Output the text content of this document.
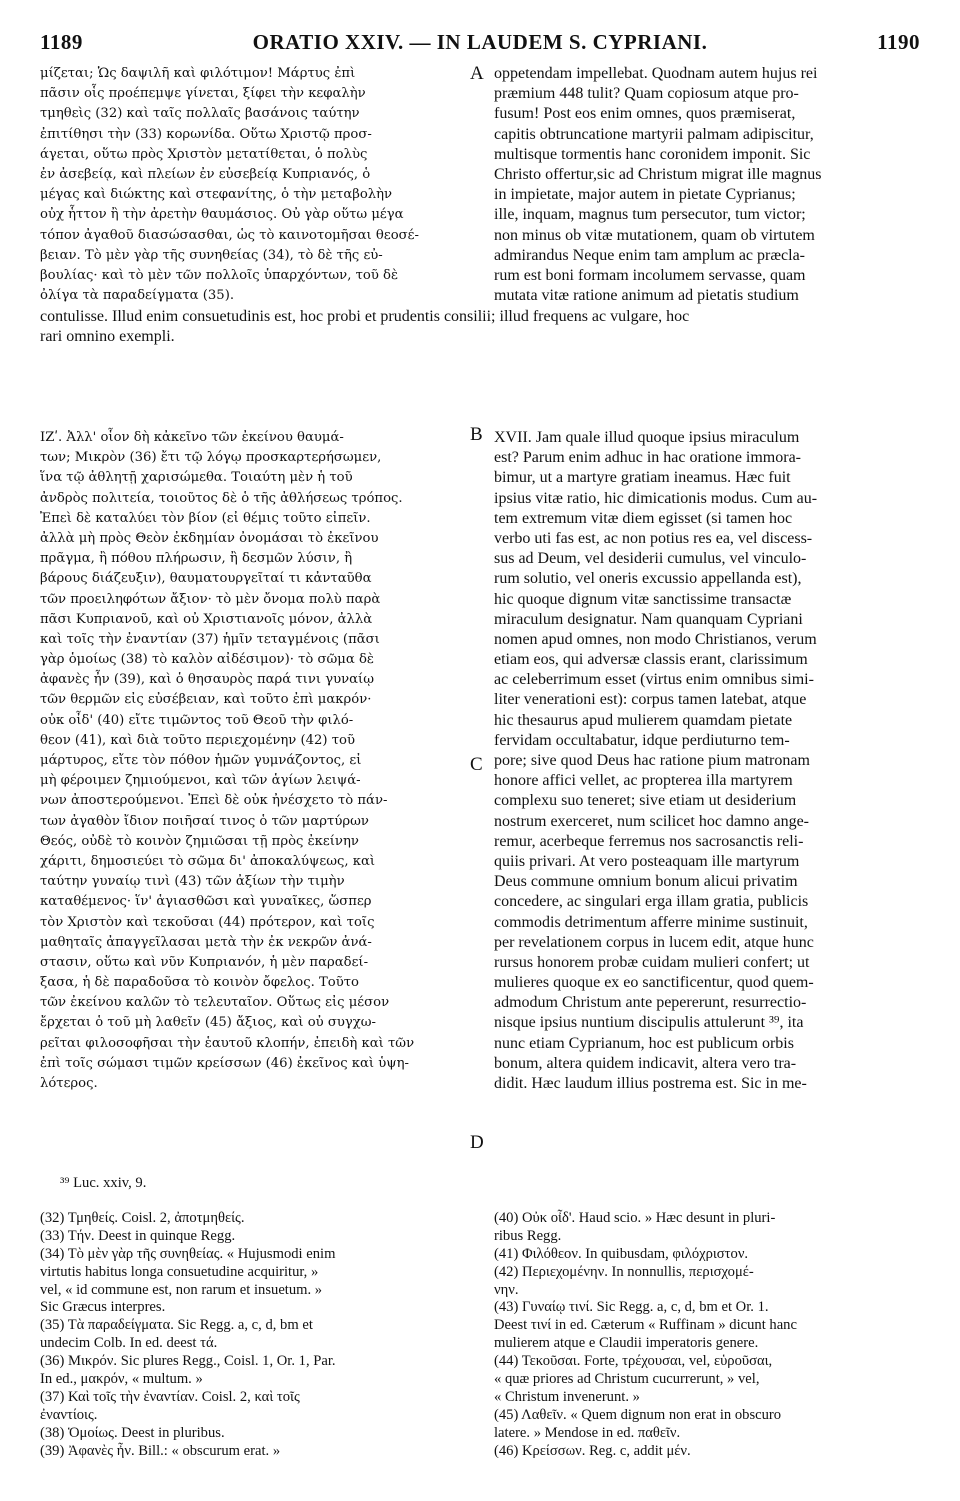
1189	ORATIO XXIV. — IN LAUDEM S. CYPRIANI.	1190
A
B
C
D
μίζεται; Ὡς δαψιλῆ καὶ φιλότιμον! Μάρτυς ἐπὶ
πᾶσιν οἷς προέπεμψε γίνεται, ξίφει τὴν κεφαλὴν
τμηθεὶς (32) καὶ ταῖς πολλαῖς βασάνοις ταύτην
ἐπιτίθησι τὴν (33) κορωνίδα. Οὕτω Χριστῷ προσ-
άγεται, οὕτω πρὸς Χριστὸν μετατίθεται, ὁ πολὺς
ἐν ἀσεβείᾳ, καὶ πλείων ἐν εὐσεβείᾳ Κυπριανός, ὁ
μέγας καὶ διώκτης καὶ στεφανίτης, ὁ τὴν μεταβολὴν
οὐχ ἧττον ἢ τὴν ἀρετὴν θαυμάσιος. Οὐ γὰρ οὕτω μέγα
τόπον ἀγαθοῦ διασώσασθαι, ὡς τὸ καινοτομῆσαι θεοσέ-
βειαν. Τὸ μὲν γὰρ τῆς συνηθείας (34), τὸ δὲ τῆς εὐ-
βουλίας· καὶ τὸ μὲν τῶν πολλοῖς ὑπαρχόντων, τοῦ δὲ
ὀλίγα τὰ παραδείγματα (35).
oppetendam impellebat. Quodnam autem hujus rei
præmium 448 tulit? Quam copiosum atque pro-
fusum! Post eos enim omnes, quos præmiserat,
capitis obtruncatione martyrii palmam adipiscitur,
multisque tormentis hanc coronidem imponit. Sic
Christo offertur,sic ad Christum migrat ille magnus
in impietate, major autem in pietate Cyprianus;
ille, inquam, magnus tum persecutor, tum victor;
non minus ob vitæ mutationem, quam ob virtutem
admirandus Neque enim tam amplum ac præcla-
rum est boni formam incolumem servasse, quam
mutata vitæ ratione animum ad pietatis studium
contulisse. Illud enim consuetudinis est, hoc probi et prudentis consilii; illud frequens ac vulgare, hoc
rari omnino exempli.
ΙΖʹ. Ἀλλ' οἷον δὴ κἀκεῖνο τῶν ἐκείνου θαυμά-
των; Μικρὸν (36) ἔτι τῷ λόγῳ προσκαρτερήσωμεν,
ἵνα τῷ ἀθλητῇ χαρισώμεθα. Τοιαύτη μὲν ἡ τοῦ
ἀνδρὸς πολιτεία, τοιοῦτος δὲ ὁ τῆς ἀθλήσεως τρόπος.
Ἐπεὶ δὲ καταλύει τὸν βίον (εἰ θέμις τοῦτο εἰπεῖν.
ἀλλὰ μὴ πρὸς Θεὸν ἐκδημίαν ὀνομάσαι τὸ ἐκεῖνου
πρᾶγμα, ἢ πόθου πλήρωσιν, ἢ δεσμῶν λύσιν, ἢ
βάρους διάζευξιν), θαυματουργεῖταί τι κἀνταῦθα
τῶν προειληφότων ἄξιον· τὸ μὲν ὄνομα πολὺ παρὰ
πᾶσι Κυπριανοῦ, καὶ οὐ Χριστιανοῖς μόνον, ἀλλὰ
καὶ τοῖς τὴν ἐναντίαν (37) ἡμῖν τεταγμένοις (πᾶσι
γὰρ ὁμοίως (38) τὸ καλὸν αἰδέσιμον)· τὸ σῶμα δὲ
ἀφανὲς ἦν (39), καὶ ὁ θησαυρὸς παρά τινι γυναίῳ
τῶν θερμῶν εἰς εὐσέβειαν, καὶ τοῦτο ἐπὶ μακρόν·
οὐκ οἶδ' (40) εἴτε τιμῶντος τοῦ Θεοῦ τὴν φιλό-
θεον (41), καὶ διὰ τοῦτο περιεχομένην (42) τοῦ
μάρτυρος, εἴτε τὸν πόθον ἡμῶν γυμνάζοντος, εἰ
μὴ φέροιμεν ζημιούμενοι, καὶ τῶν ἁγίων λειψά-
νων ἀποστερούμενοι. Ἐπεὶ δὲ οὐκ ἠνέσχετο τὸ πάν-
των ἀγαθὸν ἴδιον ποιῆσαί τινος ὁ τῶν μαρτύρων
Θεός, οὐδὲ τὸ κοινὸν ζημιῶσαι τῇ πρὸς ἐκείνην
χάριτι, δημοσιεύει τὸ σῶμα δι' ἀποκαλύψεως, καὶ
ταύτην γυναίῳ τινὶ (43) τῶν ἀξίων τὴν τιμὴν
καταθέμενος· ἵν' ἁγιασθῶσι καὶ γυναῖκες, ὥσπερ
τὸν Χριστὸν καὶ τεκοῦσαι (44) πρότερον, καὶ τοῖς
μαθηταῖς ἀπαγγεῖλασαι μετὰ τὴν ἐκ νεκρῶν ἀνά-
στασιν, οὕτω καὶ νῦν Κυπριανόν, ἡ μὲν παραδεί-
ξασα, ἡ δὲ παραδοῦσα τὸ κοινὸν ὄφελος. Τοῦτο
τῶν ἐκείνου καλῶν τὸ τελευταῖον. Οὕτως εἰς μέσον
ἔρχεται ὁ τοῦ μὴ λαθεῖν (45) ἄξιος, καὶ οὐ συγχω-
ρεῖται φιλοσοφῆσαι τὴν ἑαυτοῦ κλοπήν, ἐπειδὴ καὶ τῶν
ἐπὶ τοῖς σώμασι τιμῶν κρείσσων (46) ἐκεῖνος καὶ ὑψη-
λότερος.
XVII. Jam quale illud quoque ipsius miraculum
est? Parum enim adhuc in hac oratione immora-
bimur, ut a martyre gratiam ineamus. Hæc fuit
ipsius vitæ ratio, hic dimicationis modus. Cum au-
tem extremum vitæ diem egisset (si tamen hoc
verbo uti fas est, ac non potius res ea, vel discess-
sus ad Deum, vel desiderii cumulus, vel vinculo-
rum solutio, vel oneris excussio appellanda est),
hic quoque dignum vitæ sanctissime transactæ
miraculum designatur. Nam quanquam Cypriani
nomen apud omnes, non modo Christianos, verum
etiam eos, qui adversæ classis erant, clarissimum
ac celeberrimum esset (virtus enim omnibus simi-
liter venerationi est): corpus tamen latebat, atque
hic thesaurus apud mulierem quamdam pietate
fervidam occultabatur, idque perdiuturno tem-
pore; sive quod Deus hac ratione pium matronam
honore affici vellet, ac propterea illa martyrem
complexu suo teneret; sive etiam ut desiderium
nostrum exerceret, num scilicet hoc damno ange-
remur, acerbeque ferremus nos sacrosanctis reli-
quiis privari. At vero posteaquam ille martyrum
Deus commune omnium bonum alicui privatim
concedere, ac singulari erga illam gratia, publicis
commodis detrimentum afferre minime sustinuit,
per revelationem corpus in lucem edit, atque hunc
rursus honorem probæ cuidam mulieri confert; ut
mulieres quoque ex eo sanctificentur, quod quem-
admodum Christum ante pepererunt, resurrectio-
nisque ipsius nuntium discipulis attulerunt ³⁹, ita
nunc etiam Cyprianum, hoc est publicum orbis
bonum, altera quidem indicavit, altera vero tra-
didit. Hæc laudum illius postrema est. Sic in me-
³⁹ Luc. xxiv, 9.
(32) Τμηθείς. Coisl. 2, ἀποτμηθείς.
(33) Τήν. Deest in quinque Regg.
(34) Τὸ μὲν γὰρ τῆς συνηθείας. « Hujusmodi enim
virtutis habitus longa consuetudine acquiritur, »
vel, « id commune est, non rarum et insuetum. »
Sic Græcus interpres.
(35) Τὰ παραδείγματα. Sic Regg. a, c, d, bm et
undecim Colb. In ed. deest τά.
(36) Μικρόν. Sic plures Regg., Coisl. 1, Or. 1, Par.
In ed., μακρόν, « multum. »
(37) Καὶ τοῖς τὴν ἐναντίαν. Coisl. 2, καὶ τοῖς
ἐναντίοις.
(38) Ὁμοίως. Deest in pluribus.
(39) Ἀφανὲς ἦν. Bill.: « obscurum erat. »
(40) Οὐκ οἶδ'. Haud scio. » Hæc desunt in pluri-
ribus Regg.
(41) Φιλόθεον. In quibusdam, φιλόχριστον.
(42) Περιεχομένην. In nonnullis, περισχομέ-
νην.
(43) Γυναίῳ τινί. Sic Regg. a, c, d, bm et Or. 1.
Deest τινί in ed. Cæterum « Ruffinam » dicunt hanc
mulierem atque e Claudii imperatoris genere.
(44) Τεκοῦσαι. Forte, τρέχουσαι, vel, εὑροῦσαι,
« quæ priores ad Christum cucurrerunt, » vel,
« Christum invenerunt. »
(45) Λαθεῖν. « Quem dignum non erat in obscuro
latere. » Mendose in ed. παθεῖν.
(46) Κρείσσων. Reg. c, addit μέν.
